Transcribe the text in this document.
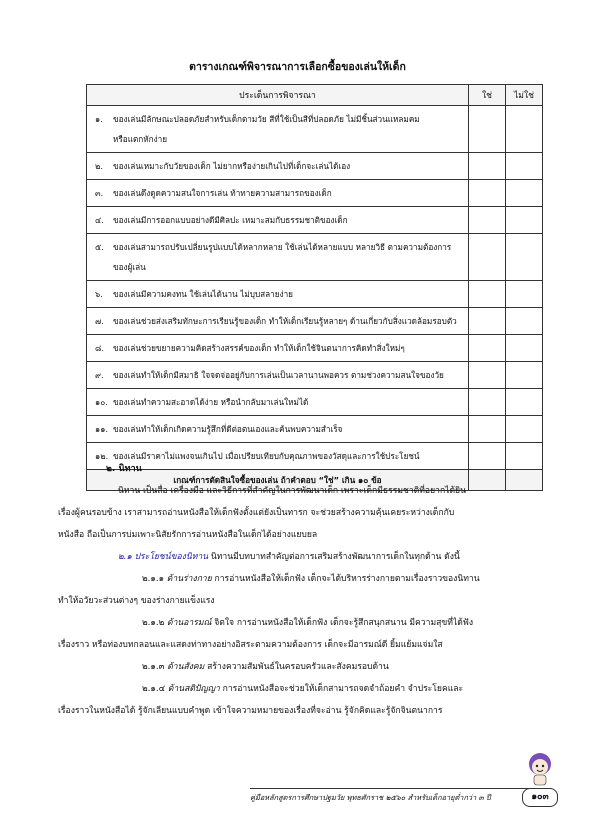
ตารางเกณฑ์พิจารณาการเลือกซื้อของเล่นให้เด็ก
ประเด็นการพิจารณา	ใช่	ไม่ใช่

๑. ของเล่นมีลักษณะปลอดภัยสำหรับเด็กตามวัย สีที่ใช้เป็นสีที่ปลอดภัย ไม่มีชิ้นส่วนแหลมคม
หรือแตกหักง่าย		

๒. ของเล่นเหมาะกับวัยของเด็ก ไม่ยากหรือง่ายเกินไปที่เด็กจะเล่นได้เอง		

๓. ของเล่นดึงดูดความสนใจการเล่น ท้าทายความสามารถของเด็ก		

๔. ของเล่นมีการออกแบบอย่างดีมีศิลปะ เหมาะสมกับธรรมชาติของเด็ก		

๕. ของเล่นสามารถปรับเปลี่ยนรูปแบบได้หลากหลาย ใช้เล่นได้หลายแบบ หลายวิธี ตามความต้องการ
ของผู้เล่น		

๖. ของเล่นมีความคงทน ใช้เล่นได้นาน ไม่บุบสลายง่าย		

๗. ของเล่นช่วยส่งเสริมทักษะการเรียนรู้ของเด็ก ทำให้เด็กเรียนรู้หลายๆ ด้านเกี่ยวกับสิ่งแวดล้อมรอบตัว		

๘. ของเล่นช่วยขยายความคิดสร้างสรรค์ของเด็ก ทำให้เด็กใช้จินตนาการคิดทำสิ่งใหม่ๆ		

๙. ของเล่นทำให้เด็กมีสมาธิ ใจจดจ่ออยู่กับการเล่นเป็นเวลานานพอควร ตามช่วงความสนใจของวัย		

๑๐. ของเล่นทำความสะอาดได้ง่าย หรือนำกลับมาเล่นใหม่ได้		

๑๑. ของเล่นทำให้เด็กเกิดความรู้สึกที่ดีต่อตนเองและค้นพบความสำเร็จ		

๑๒. ของเล่นมีราคาไม่แพงจนเกินไป เมื่อเปรียบเทียบกับคุณภาพของวัสดุและการใช้ประโยชน์		

เกณฑ์การตัดสินใจซื้อของเล่น ถ้าคำตอบ “ใช่” เกิน ๑๐ ข้อ		
๒. นิทาน
นิทาน เป็นสื่อ เครื่องมือ และวิธีการที่สำคัญในการพัฒนาเด็ก เพราะเด็กมีธรรมชาติที่อยากได้ยิน
เรื่องผู้คนรอบข้าง เราสามารถอ่านหนังสือให้เด็กฟังตั้งแต่ยังเป็นทารก จะช่วยสร้างความคุ้นเคยระหว่างเด็กกับ
หนังสือ ถือเป็นการบ่มเพาะนิสัยรักการอ่านหนังสือในเด็กได้อย่างแยบยล
๒.๑ ประโยชน์ของนิทาน นิทานมีบทบาทสำคัญต่อการเสริมสร้างพัฒนาการเด็กในทุกด้าน ดังนี้
๒.๑.๑ ด้านร่างกาย การอ่านหนังสือให้เด็กฟัง เด็กจะได้บริหารร่างกายตามเรื่องราวของนิทาน
ทำให้อวัยวะส่วนต่างๆ ของร่างกายแข็งแรง
๒.๑.๒ ด้านอารมณ์ จิตใจ การอ่านหนังสือให้เด็กฟัง เด็กจะรู้สึกสนุกสนาน มีความสุขที่ได้ฟัง
เรื่องราว หรือท่องบทกลอนและแสดงท่าทางอย่างอิสระตามความต้องการ เด็กจะมีอารมณ์ดี ยิ้มแย้มแจ่มใส
๒.๑.๓ ด้านสังคม สร้างความสัมพันธ์ในครอบครัวและสังคมรอบด้าน
๒.๑.๔ ด้านสติปัญญา การอ่านหนังสือจะช่วยให้เด็กสามารถจดจำถ้อยคำ จำประโยคและ
เรื่องราวในหนังสือได้ รู้จักเลียนแบบคำพูด เข้าใจความหมายของเรื่องที่จะอ่าน รู้จักคิดและรู้จักจินตนาการ
คู่มือหลักสูตรการศึกษาปฐมวัย พุทธศักราช ๒๕๖๐ สำหรับเด็กอายุต่ำกว่า ๓ ปี	๑๐๓
